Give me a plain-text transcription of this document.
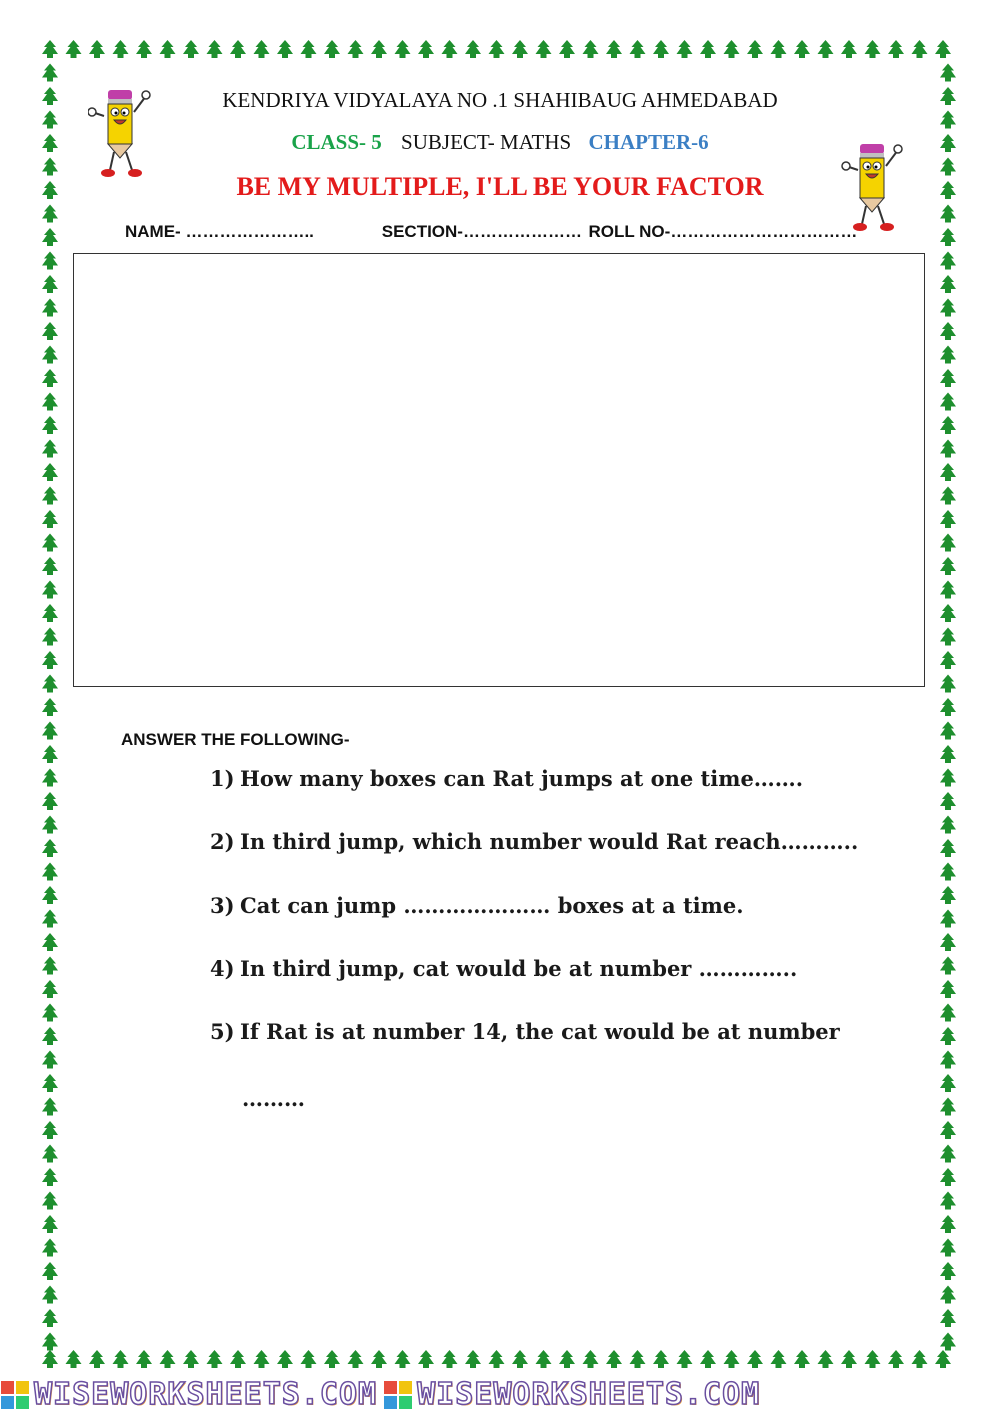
KENDRIYA VIDYALAYA NO .1 SHAHIBAUG AHMEDABAD
CLASS- 5 SUBJECT- MATHS CHAPTER-6
BE MY MULTIPLE, I'LL BE YOUR FACTOR
NAME- …………………..	SECTION-………………… ROLL NO-……………………………
ANSWER THE FOLLOWING-
1) How many boxes can Rat jumps at one time…….
2) In third jump, which number would Rat reach………..
3) Cat can jump ………………… boxes at a time.
4) In third jump, cat would be at number …………..
5) If Rat is at number 14, the cat would be at number
………
WISEWORKSHEETS.COM WISEWORKSHEETS.COM
